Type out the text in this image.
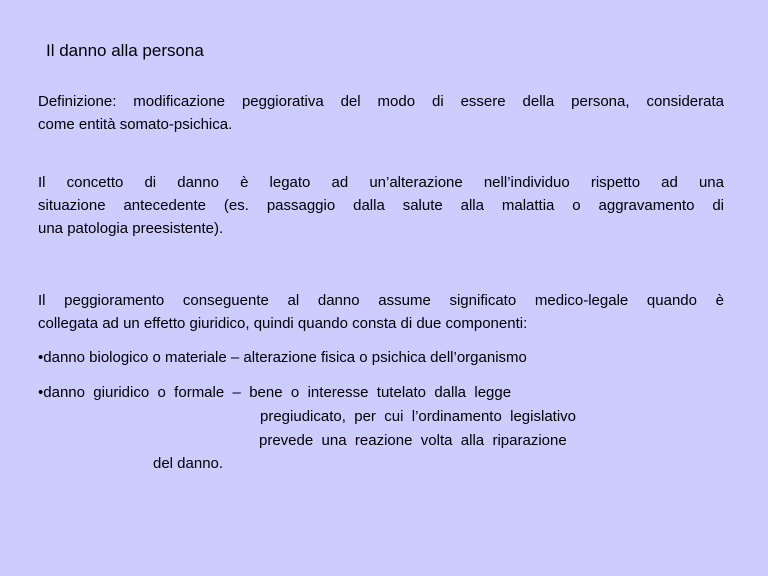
Il danno alla persona
Definizione: modificazione peggiorativa del modo di essere della persona, considerata
come entità somato-psichica.
Il concetto di danno è legato ad un’alterazione nell’individuo rispetto ad una
situazione antecedente (es. passaggio dalla salute alla malattia o aggravamento di
una patologia preesistente).
Il peggioramento conseguente al danno assume significato medico-legale quando è
collegata ad un effetto giuridico, quindi quando consta di due componenti:
•danno biologico o materiale – alterazione fisica o psichica dell’organismo
•danno  giuridico  o  formale  –  bene  o  interesse  tutelato  dalla  legge
pregiudicato,  per  cui  l’ordinamento  legislativo
prevede  una  reazione  volta  alla  riparazione
del danno.
